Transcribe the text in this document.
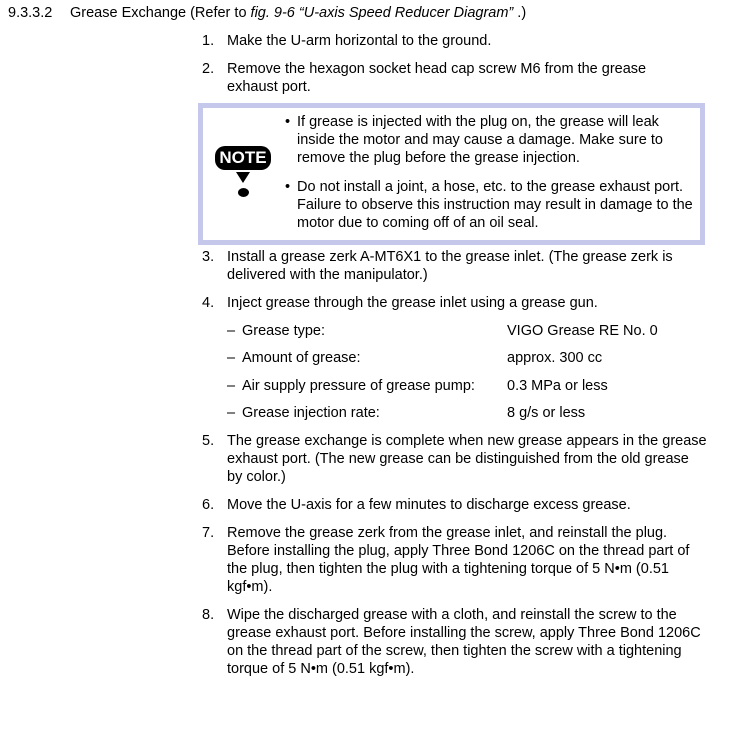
9.3.3.2 Grease Exchange (Refer to fig. 9-6 “U-axis Speed Reducer Diagram” .)
1. Make the U-arm horizontal to the ground.
2. Remove the hexagon socket head cap screw M6 from the grease exhaust port.
NOTE
• If grease is injected with the plug on, the grease will leak inside the motor and may cause a damage. Make sure to remove the plug before the grease injection.
• Do not install a joint, a hose, etc. to the grease exhaust port. Failure to observe this instruction may result in damage to the motor due to coming off of an oil seal.
3. Install a grease zerk A-MT6X1 to the grease inlet. (The grease zerk is delivered with the manipulator.)
4. Inject grease through the grease inlet using a grease gun.
– Grease type:	VIGO Grease RE No. 0
– Amount of grease:	approx. 300 cc
– Air supply pressure of grease pump: 0.3 MPa or less
– Grease injection rate:	8 g/s or less
5. The grease exchange is complete when new grease appears in the grease exhaust port. (The new grease can be distinguished from the old grease by color.)
6. Move the U-axis for a few minutes to discharge excess grease.
7. Remove the grease zerk from the grease inlet, and reinstall the plug. Before installing the plug, apply Three Bond 1206C on the thread part of the plug, then tighten the plug with a tightening torque of 5 N•m (0.51 kgf•m).
8. Wipe the discharged grease with a cloth, and reinstall the screw to the grease exhaust port. Before installing the screw, apply Three Bond 1206C on the thread part of the screw, then tighten the screw with a tightening torque of 5 N•m (0.51 kgf•m).
